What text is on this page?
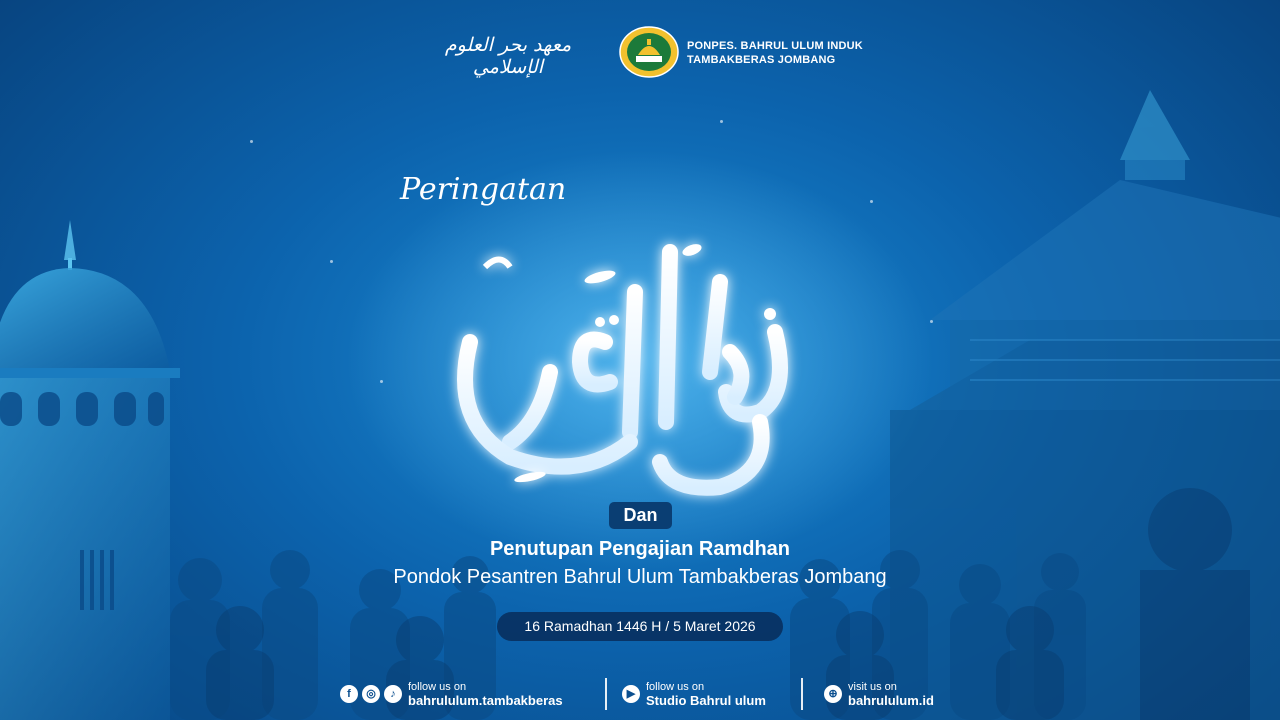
معهد بحر العلوم الإسلامي
PONPES. BAHRUL ULUM INDUK
TAMBAKBERAS JOMBANG
Peringatan
Dan
Penutupan Pengajian Ramdhan
Pondok Pesantren Bahrul Ulum Tambakberas Jombang
16 Ramadhan 1446 H / 5 Maret 2026
f	◎	♪
follow us on
bahrululum.tambakberas	▶
follow us on
Studio Bahrul ulum	⊕
visit us on
bahrululum.id
